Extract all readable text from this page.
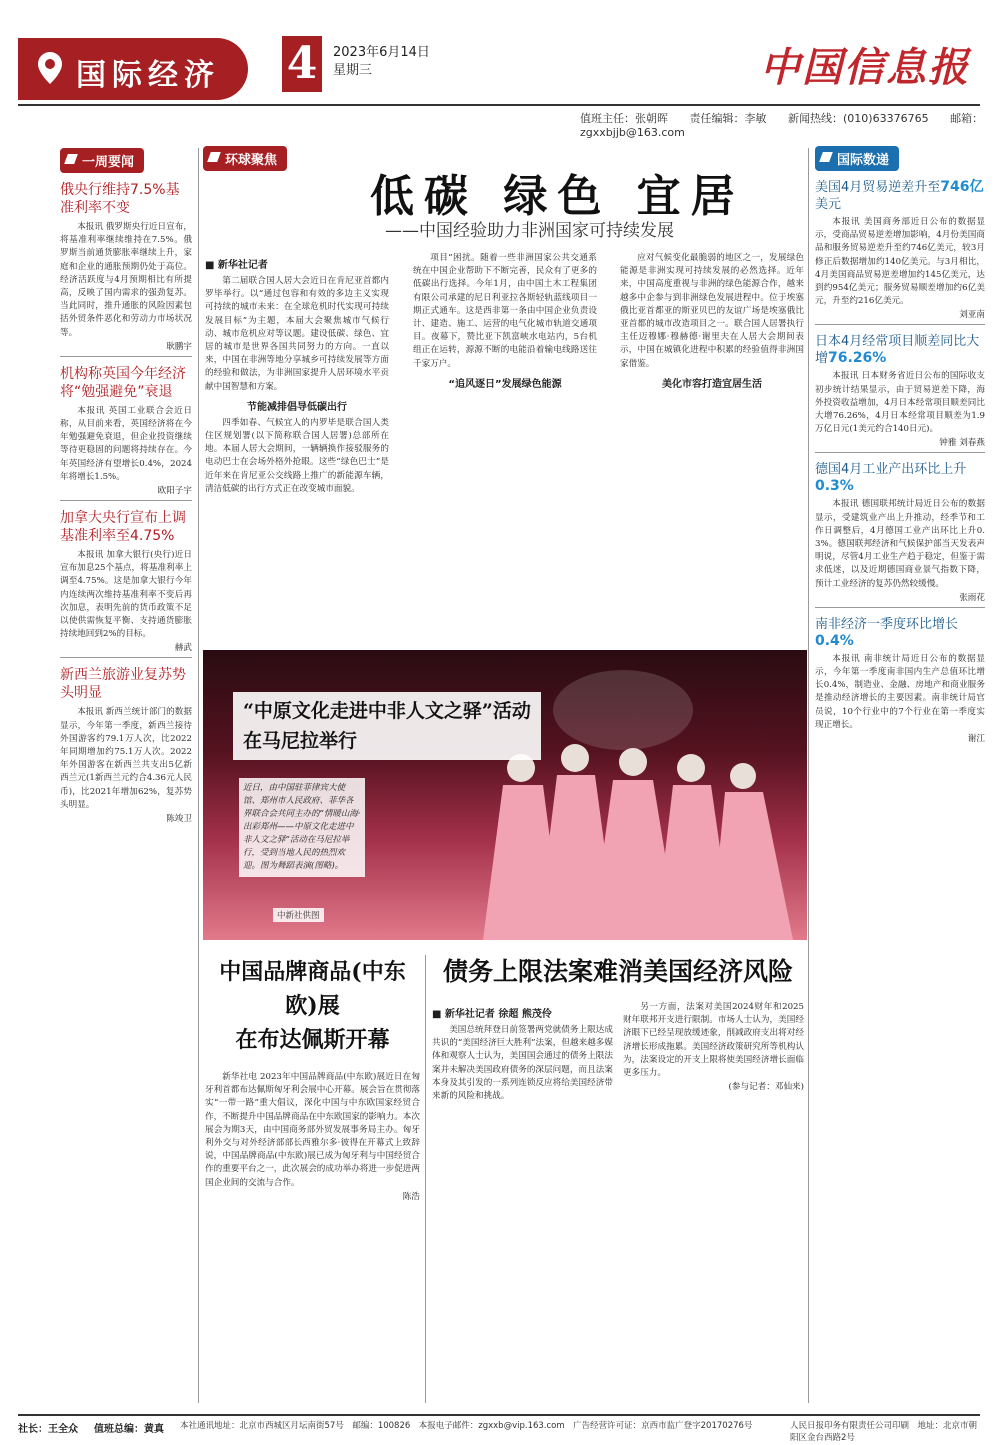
国际经济 4	2023年6月14日
星期三	中国信息报
值班主任：张朝晖 责任编辑：李敏 新闻热线：(010)63376765 邮箱：zgxxbjjb@163.com
一周要闻
俄央行维持7.5%基准利率不变
本报讯 俄罗斯央行近日宣布，将基准利率继续维持在7.5%。俄罗斯当前通货膨胀率继续上升，家庭和企业的通胀预期仍处于高位。经济活跃度与4月预期相比有所提高，反映了国内需求的强劲复苏。当此同时，推升通胀的风险因素包括外贸条件恶化和劳动力市场状况等。
耿鹏宇
机构称英国今年经济将“勉强避免”衰退
本报讯 英国工业联合会近日称，从目前来看，英国经济将在今年勉强避免衰退，但企业投资继续等待更稳固的问题将持续存在。今年英国经济有望增长0.4%，2024年将增长1.5%。
欧阳子宇
加拿大央行宣布上调基准利率至4.75%
本报讯 加拿大银行(央行)近日宣布加息25个基点，将基准利率上调至4.75%。这是加拿大银行今年内连续两次维持基准利率不变后再次加息，表明先前的货币政策不足以使供需恢复平衡、支持通货膨胀持续地回到2%的目标。
赫武
新西兰旅游业复苏势头明显
本报讯 新西兰统计部门的数据显示，今年第一季度，新西兰接待外国游客约79.1万人次，比2022年同期增加约75.1万人次。2022年外国游客在新西兰共支出5亿新西兰元(1新西兰元约合4.36元人民币)，比2021年增加62%，复苏势头明显。
陈竣卫
环球聚焦
低碳 绿色 宜居
——中国经验助力非洲国家可持续发展
■ 新华社记者
第二届联合国人居大会近日在肯尼亚首都内罗毕举行。以“通过包容和有效的多边主义实现可持续的城市未来：在全球危机时代实现可持续发展目标”为主题，本届大会聚焦城市气候行动、城市危机应对等议题。建设低碳、绿色、宜居的城市是世界各国共同努力的方向。一直以来，中国在非洲等地分享城乡可持续发展等方面的经验和做法，为非洲国家提升人居环境水平贡献中国智慧和方案。
节能减排倡导低碳出行
四季如春、气候宜人的内罗毕是联合国人类住区规划署(以下简称联合国人居署)总部所在地。本届人居大会期间，一辆辆换作接驳服务的电动巴士在会场外格外抢眼。这些“绿色巴士”是近年来在肯尼亚公交线路上推广的新能源车辆，清洁低碳的出行方式正在改变城市面貌。
项目”困扰。随着一些非洲国家公共交通系统在中国企业帮助下不断完善，民众有了更多的低碳出行选择。今年1月，由中国土木工程集团有限公司承建的尼日利亚拉各斯轻轨蓝线项目一期正式通车。这是西非第一条由中国企业负责设计、建造、施工、运营的电气化城市轨道交通项目。夜幕下，赞比亚下凯富峡水电站内，5台机组正在运转，源源不断的电能沿着输电线路送往千家万户。
“追风逐日”发展绿色能源
应对气候变化最脆弱的地区之一，发展绿色能源是非洲实现可持续发展的必然选择。近年来，中国高度重视与非洲的绿色能源合作，越来越多中企参与到非洲绿色发展进程中。位于埃塞俄比亚首都亚的斯亚贝巴的友谊广场是埃塞俄比亚首都的城市改造项目之一。联合国人居署执行主任迈穆娜·穆赫德·谢里夫在人居大会期间表示，中国在城镇化进程中积累的经验值得非洲国家借鉴。
美化市容打造宜居生活
“中原文化走进中非人文之驿”活动
在马尼拉举行
近日，由中国驻菲律宾大使馆、郑州市人民政府、菲华各界联合会共同主办的“情暖山海·出彩郑州——中原文化走进中非人文之驿”活动在马尼拉举行，受到当地人民的热烈欢迎。图为舞蹈表演(图略)。
中新社供图
中国品牌商品(中东欧)展
在布达佩斯开幕
新华社电 2023年中国品牌商品(中东欧)展近日在匈牙利首都布达佩斯匈牙利会展中心开幕。展会旨在贯彻落实“一带一路”重大倡议，深化中国与中东欧国家经贸合作，不断提升中国品牌商品在中东欧国家的影响力。本次展会为期3天，由中国商务部外贸发展事务局主办。匈牙利外交与对外经济部部长西雅尔多·彼得在开幕式上致辞说，中国品牌商品(中东欧)展已成为匈牙利与中国经贸合作的重要平台之一，此次展会的成功举办将进一步促进两国企业间的交流与合作。
陈浩
债务上限法案难消美国经济风险
■ 新华社记者 徐超 熊茂伶
美国总统拜登日前签署两党就债务上限达成共识的“美国经济巨大胜利”法案，但越来越多媒体和观察人士认为，美国国会通过的债务上限法案并未解决美国政府债务的深层问题，而且法案本身及其引发的一系列连锁反应将给美国经济带来新的风险和挑战。
另一方面，法案对美国2024财年和2025财年联邦开支进行限制。市场人士认为，美国经济眼下已经呈现放缓迹象，削减政府支出将对经济增长形成拖累。美国经济政策研究所等机构认为，法案设定的开支上限将使美国经济增长面临更多压力。
(参与记者：邓仙来)
国际数递
美国4月贸易逆差升至746亿美元
本报讯 美国商务部近日公布的数据显示，受商品贸易逆差增加影响，4月份美国商品和服务贸易逆差升至约746亿美元，较3月修正后数据增加约140亿美元。与3月相比，4月美国商品贸易逆差增加约145亿美元，达到约954亿美元；服务贸易顺差增加约6亿美元，升至约216亿美元。
刘亚南
日本4月经常项目顺差同比大增76.26%
本报讯 日本财务省近日公布的国际收支初步统计结果显示，由于贸易逆差下降，海外投资收益增加，4月日本经常项目顺差同比大增76.26%，4月日本经常项目顺差为1.9万亿日元(1美元约合140日元)。
钟雅 刘春燕
德国4月工业产出环比上升0.3%
本报讯 德国联邦统计局近日公布的数据显示，受建筑业产出上升推动，经季节和工作日调整后，4月德国工业产出环比上升0.3%。德国联邦经济和气候保护部当天发表声明说，尽管4月工业生产趋于稳定，但鉴于需求低迷，以及近期德国商业景气指数下降，预计工业经济的复苏仍然较缓慢。
张雨花
南非经济一季度环比增长0.4%
本报讯 南非统计局近日公布的数据显示，今年第一季度南非国内生产总值环比增长0.4%，制造业、金融、房地产和商业服务是推动经济增长的主要因素。南非统计局官员说，10个行业中的7个行业在第一季度实现正增长。
谢江
社长：王全众 值班总编：黄真 本社通讯地址：北京市西城区月坛南街57号　邮编：100826　本报电子邮件：zgxxb@vip.163.com　广告经营许可证：京西市监广登字20170276号	人民日报印务有限责任公司印刷　地址：北京市朝阳区金台西路2号
